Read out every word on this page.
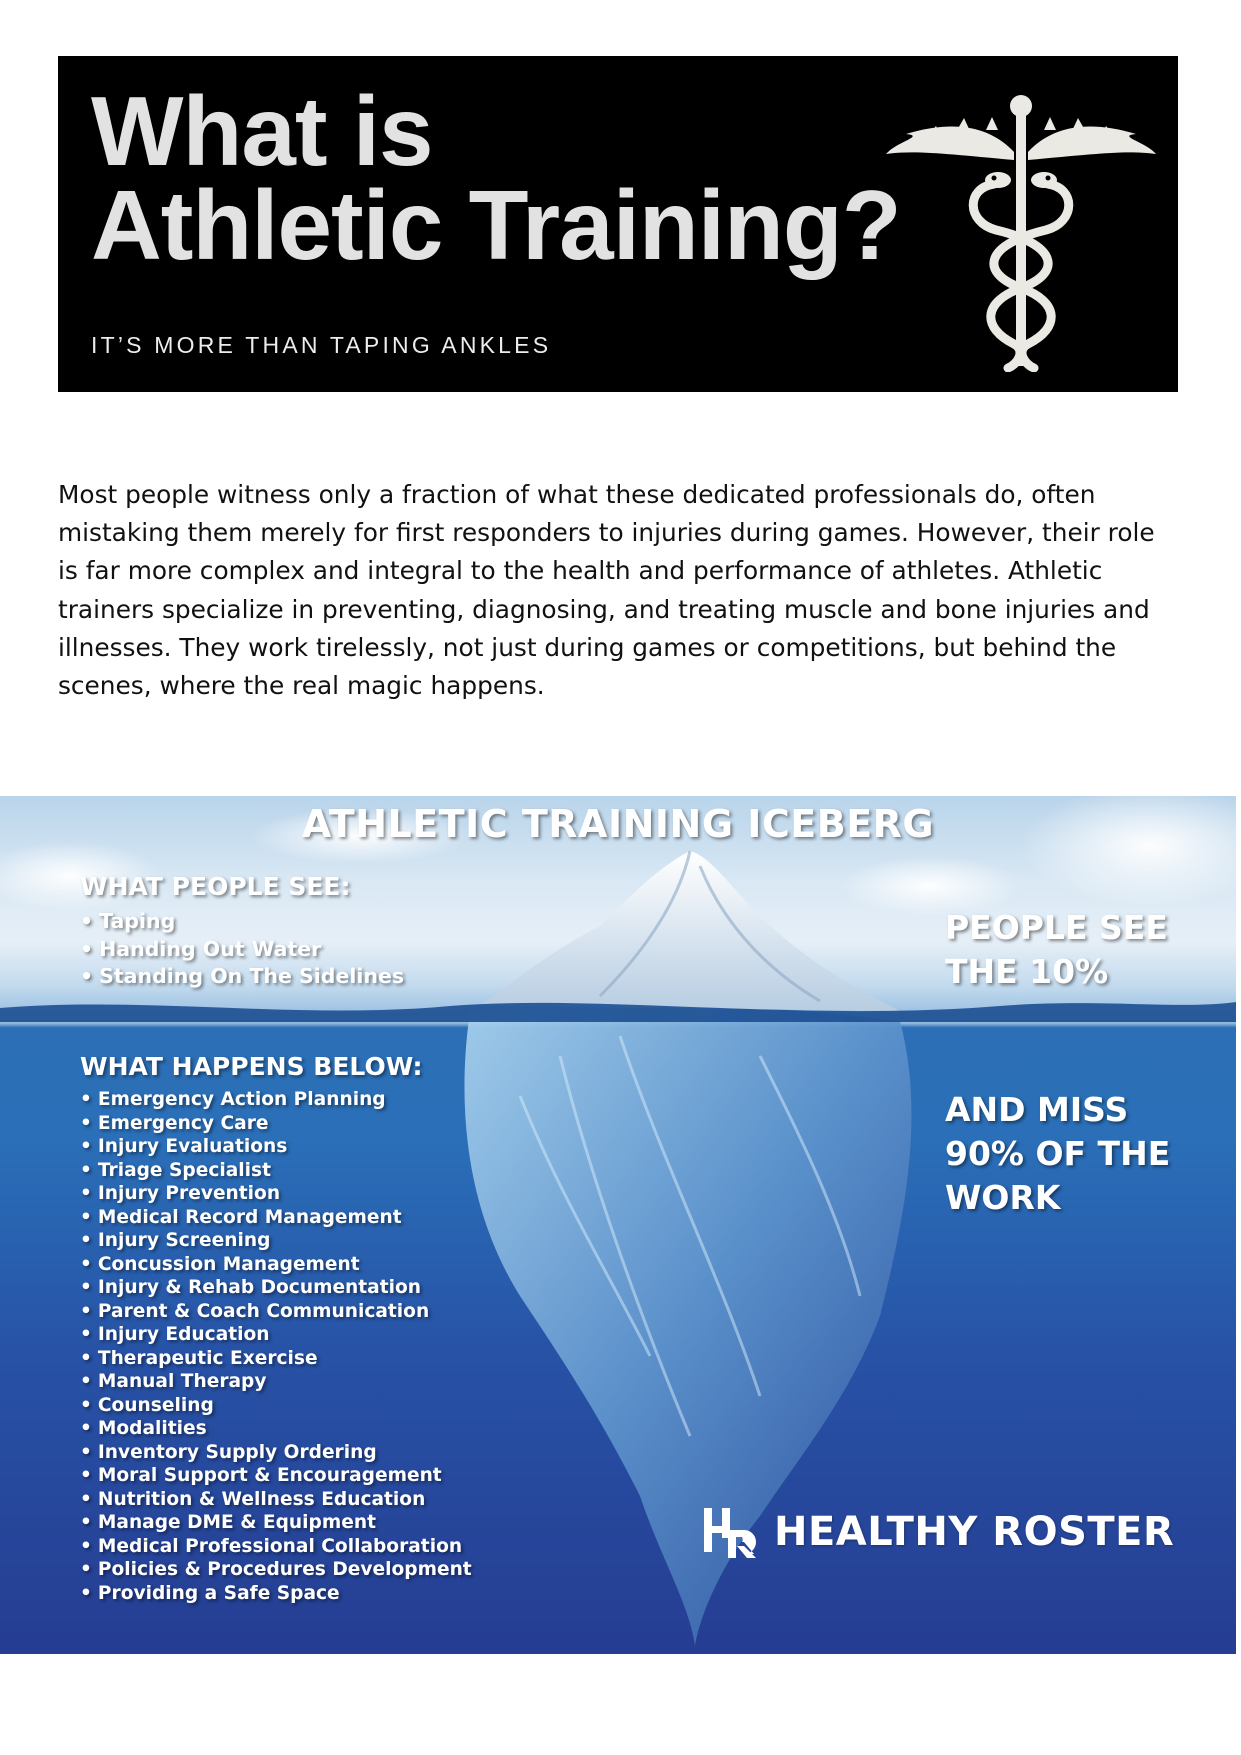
What is
Athletic Training?

IT’S MORE THAN TAPING ANKLES

Most people witness only a fraction of what these dedicated professionals do, often mistaking them merely for first responders to injuries during games. However, their role is far more complex and integral to the health and performance of athletes. Athletic trainers specialize in preventing, diagnosing, and treating muscle and bone injuries and illnesses. They work tirelessly, not just during games or competitions, but behind the scenes, where the real magic happens.

ATHLETIC TRAINING ICEBERG
WHAT PEOPLE SEE:
• Taping
• Handing Out Water
• Standing On The Sidelines
WHAT HAPPENS BELOW:
• Emergency Action Planning
• Emergency Care
• Injury Evaluations
• Triage Specialist
• Injury Prevention
• Medical Record Management
• Injury Screening
• Concussion Management
• Injury & Rehab Documentation
• Parent & Coach Communication
• Injury Education
• Therapeutic Exercise
• Manual Therapy
• Counseling
• Modalities
• Inventory Supply Ordering
• Moral Support & Encouragement
• Nutrition & Wellness Education
• Manage DME & Equipment
• Medical Professional Collaboration
• Policies & Procedures Development
• Providing a Safe Space

PEOPLE SEE THE 10%

AND MISS 90% OF THE WORK

HEALTHY ROSTER
